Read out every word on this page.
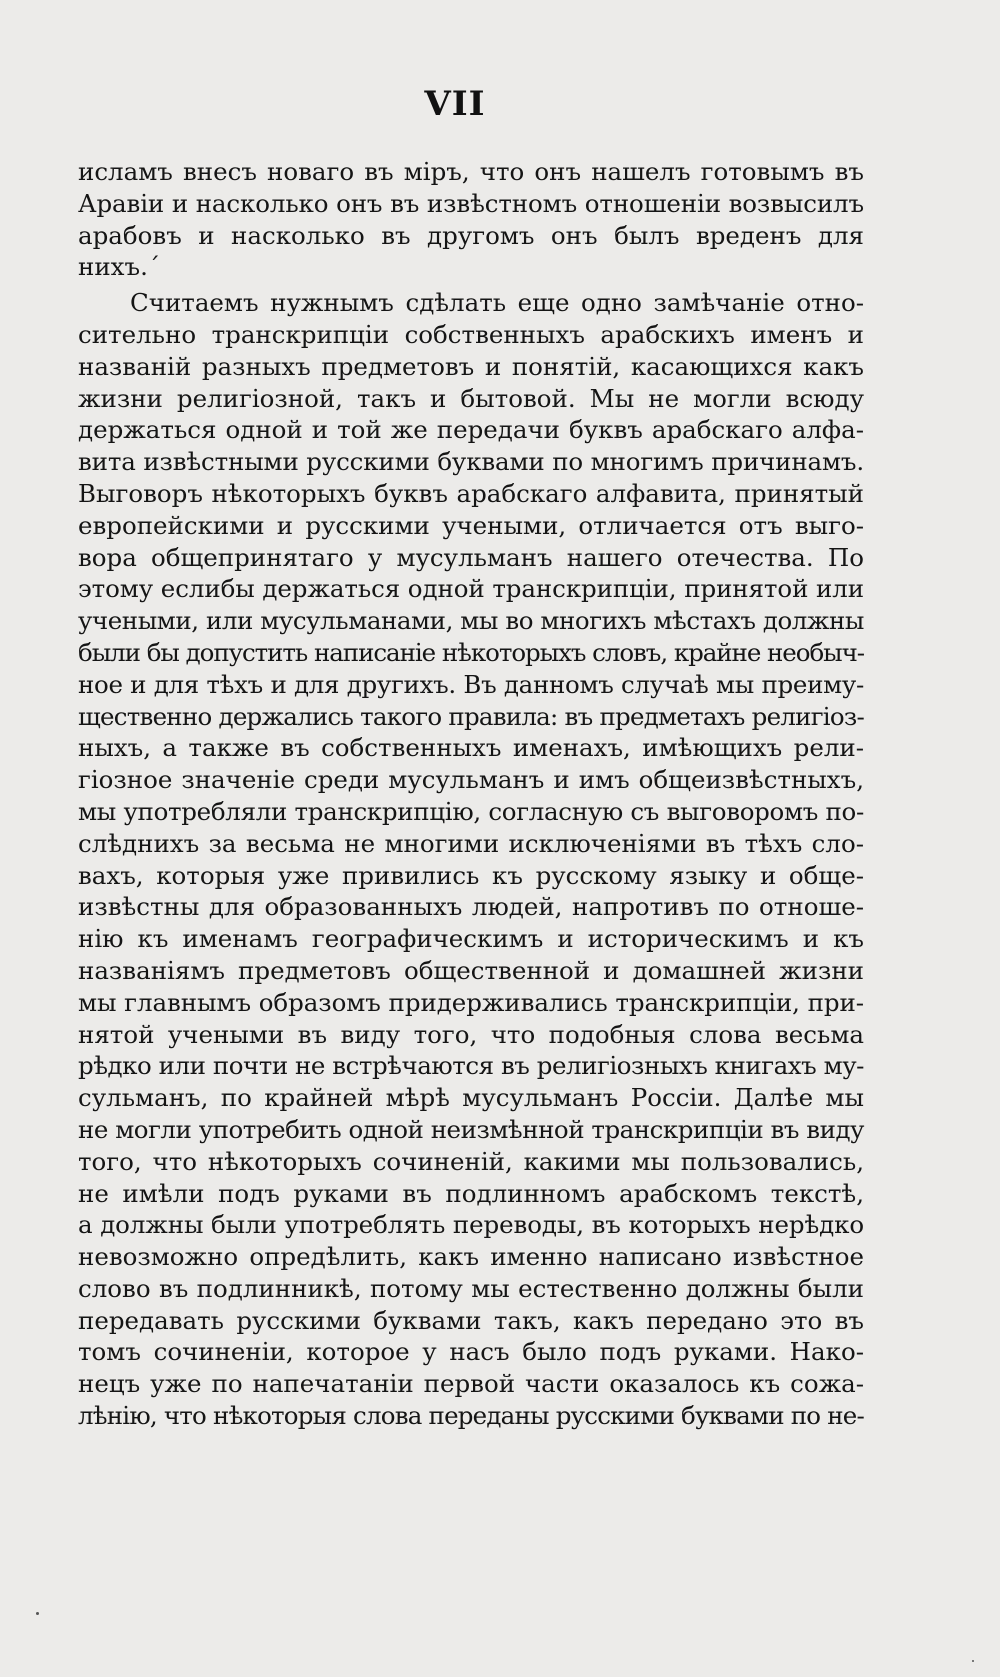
VII
исламъ внесъ новаго въ міръ, что онъ нашелъ готовымъ въ
Аравіи и насколько онъ въ извѣстномъ отношеніи возвысилъ
арабовъ и насколько въ другомъ онъ былъ вреденъ для
нихъ.´
Считаемъ нужнымъ сдѣлать еще одно замѣчаніе отно-
сительно транскрипціи собственныхъ арабскихъ именъ и
названій разныхъ предметовъ и понятій, касающихся какъ
жизни религіозной, такъ и бытовой. Мы не могли всюду
держаться одной и той же передачи буквъ арабскаго алфа-
вита извѣстными русскими буквами по многимъ причинамъ.
Выговоръ нѣкоторыхъ буквъ арабскаго алфавита, принятый
европейскими и русскими учеными, отличается отъ выго-
вора общепринятаго у мусульманъ нашего отечества. По
этому еслибы держаться одной транскрипціи, принятой или
учеными, или мусульманами, мы во многихъ мѣстахъ должны
были бы допустить написаніе нѣкоторыхъ словъ, крайне необыч-
ное и для тѣхъ и для другихъ. Въ данномъ случаѣ мы преиму-
щественно держались такого правила: въ предметахъ религіоз-
ныхъ, а также въ собственныхъ именахъ, имѣющихъ рели-
гіозное значеніе среди мусульманъ и имъ общеизвѣстныхъ,
мы употребляли транскрипцію, согласную съ выговоромъ по-
слѣднихъ за весьма не многими исключеніями въ тѣхъ сло-
вахъ, которыя уже привились къ русскому языку и обще-
извѣстны для образованныхъ людей, напротивъ по отноше-
нію къ именамъ географическимъ и историческимъ и къ
названіямъ предметовъ общественной и домашней жизни
мы главнымъ образомъ придерживались транскрипціи, при-
нятой учеными въ виду того, что подобныя слова весьма
рѣдко или почти не встрѣчаются въ религіозныхъ книгахъ му-
сульманъ, по крайней мѣрѣ мусульманъ Россіи. Далѣе мы
не могли употребить одной неизмѣнной транскрипціи въ виду
того, что нѣкоторыхъ сочиненій, какими мы пользовались,
не имѣли подъ руками въ подлинномъ арабскомъ текстѣ,
а должны были употреблять переводы, въ которыхъ нерѣдко
невозможно опредѣлить, какъ именно написано извѣстное
слово въ подлинникѣ, потому мы естественно должны были
передавать русскими буквами такъ, какъ передано это въ
томъ сочиненіи, которое у насъ было подъ руками. Нако-
нецъ уже по напечатаніи первой части оказалось къ сожа-
лѣнію, что нѣкоторыя слова переданы русскими буквами по не-
